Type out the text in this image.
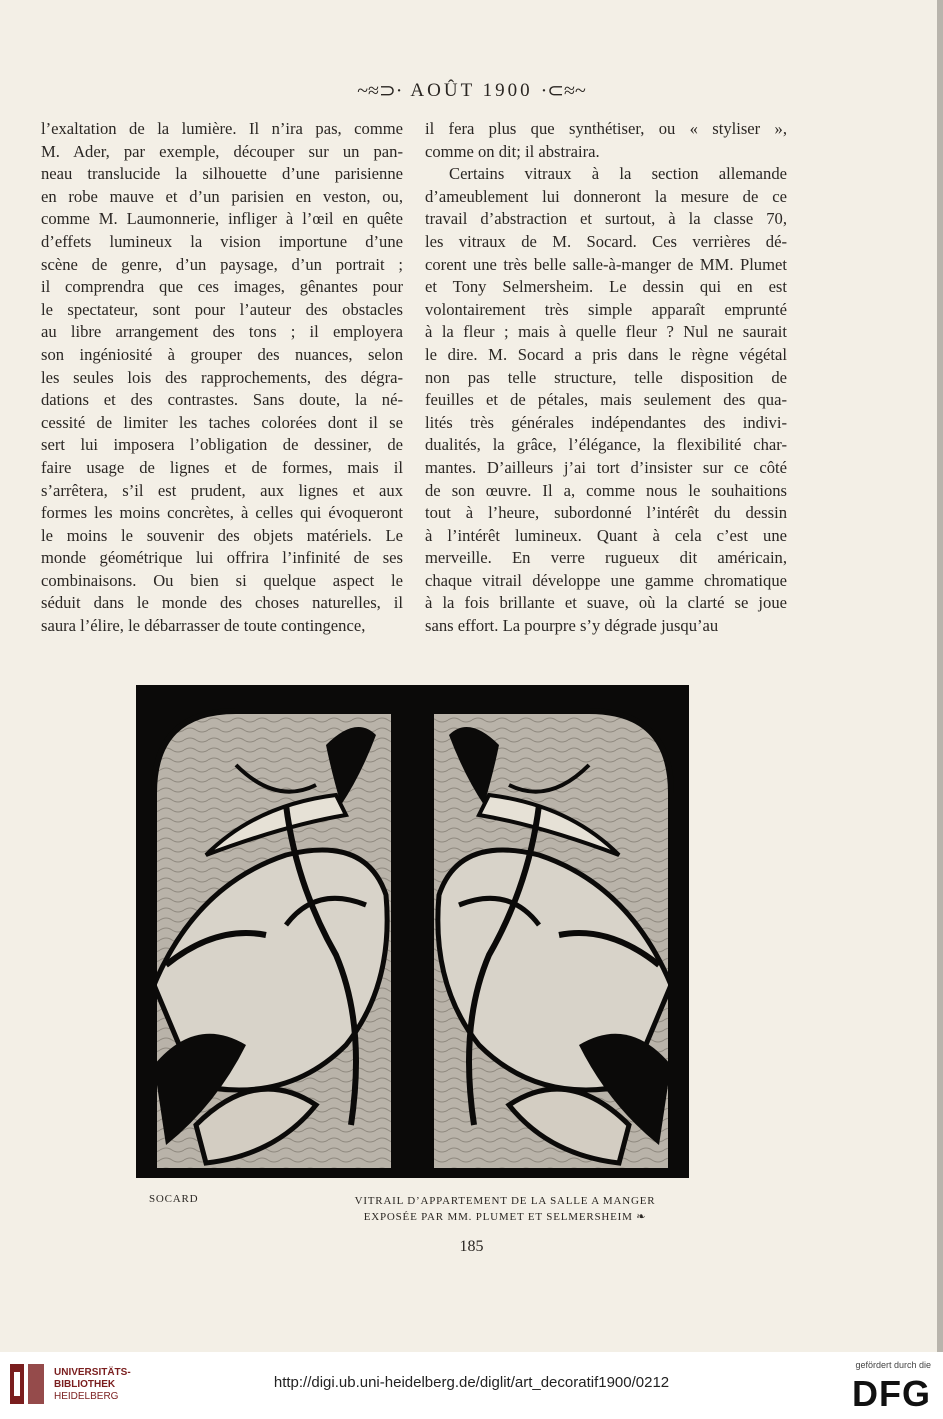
~≈⊃· AOÛT 1900 ·⊂≈~
l’exaltation de la lumière. Il n’ira pas, comme
M. Ader, par exemple, découper sur un pan-
neau translucide la silhouette d’une parisienne
en robe mauve et d’un parisien en veston, ou,
comme M. Laumonnerie, infliger à l’œil en quête
d’effets lumineux la vision importune d’une
scène de genre, d’un paysage, d’un portrait ;
il comprendra que ces images, gênantes pour
le spectateur, sont pour l’auteur des obstacles
au libre arrangement des tons ; il employera
son ingéniosité à grouper des nuances, selon
les seules lois des rapprochements, des dégra-
dations et des contrastes. Sans doute, la né-
cessité de limiter les taches colorées dont il se
sert lui imposera l’obligation de dessiner, de
faire usage de lignes et de formes, mais il
s’arrêtera, s’il est prudent, aux lignes et aux
formes les moins concrètes, à celles qui évoqueront
le moins le souvenir des objets matériels. Le
monde géométrique lui offrira l’infinité de ses
combinaisons. Ou bien si quelque aspect le
séduit dans le monde des choses naturelles, il
saura l’élire, le débarrasser de toute contingence,
il fera plus que synthétiser, ou « styliser »,
comme on dit; il abstraira.
Certains vitraux à la section allemande
d’ameublement lui donneront la mesure de ce
travail d’abstraction et surtout, à la classe 70,
les vitraux de M. Socard. Ces verrières dé-
corent une très belle salle-à-manger de MM. Plumet
et Tony Selmersheim. Le dessin qui en est
volontairement très simple apparaît emprunté
à la fleur ; mais à quelle fleur ? Nul ne saurait
le dire. M. Socard a pris dans le règne végétal
non pas telle structure, telle disposition de
feuilles et de pétales, mais seulement des qua-
lités très générales indépendantes des indivi-
dualités, la grâce, l’élégance, la flexibilité char-
mantes. D’ailleurs j’ai tort d’insister sur ce côté
de son œuvre. Il a, comme nous le souhaitions
tout à l’heure, subordonné l’intérêt du dessin
à l’intérêt lumineux. Quant à cela c’est une
merveille. En verre rugueux dit américain,
chaque vitrail développe une gamme chromatique
à la fois brillante et suave, où la clarté se joue
sans effort. La pourpre s’y dégrade jusqu’au
SOCARD	VITRAIL D’APPARTEMENT DE LA SALLE A MANGER
EXPOSÉE PAR MM. PLUMET ET SELMERSHEIM ❧
185
UNIVERSITÄTS-
BIBLIOTHEK
HEIDELBERG
http://digi.ub.uni-heidelberg.de/diglit/art_decoratif1900/0212
gefördert durch die
DFG
